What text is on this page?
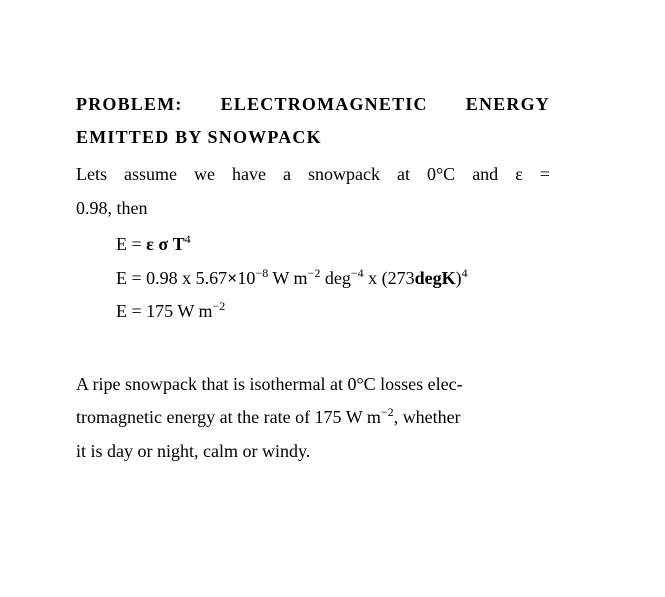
PROBLEM: ELECTROMAGNETIC ENERGY
EMITTED BY SNOWPACK
Lets assume we have a snowpack at 0°C and ε =
0.98, then
E = ε σ $T^4$
E = 0.98 x $5.67\times 10^{-8}$ W $m^{-2}$ deg$^{-4}$ x (273degK)$^4$
E = 175 W $m^{-2}$
A ripe snowpack that is isothermal at 0°C losses elec-
tromagnetic energy at the rate of 175 W $m^{-2}$, whether
it is day or night, calm or windy.
